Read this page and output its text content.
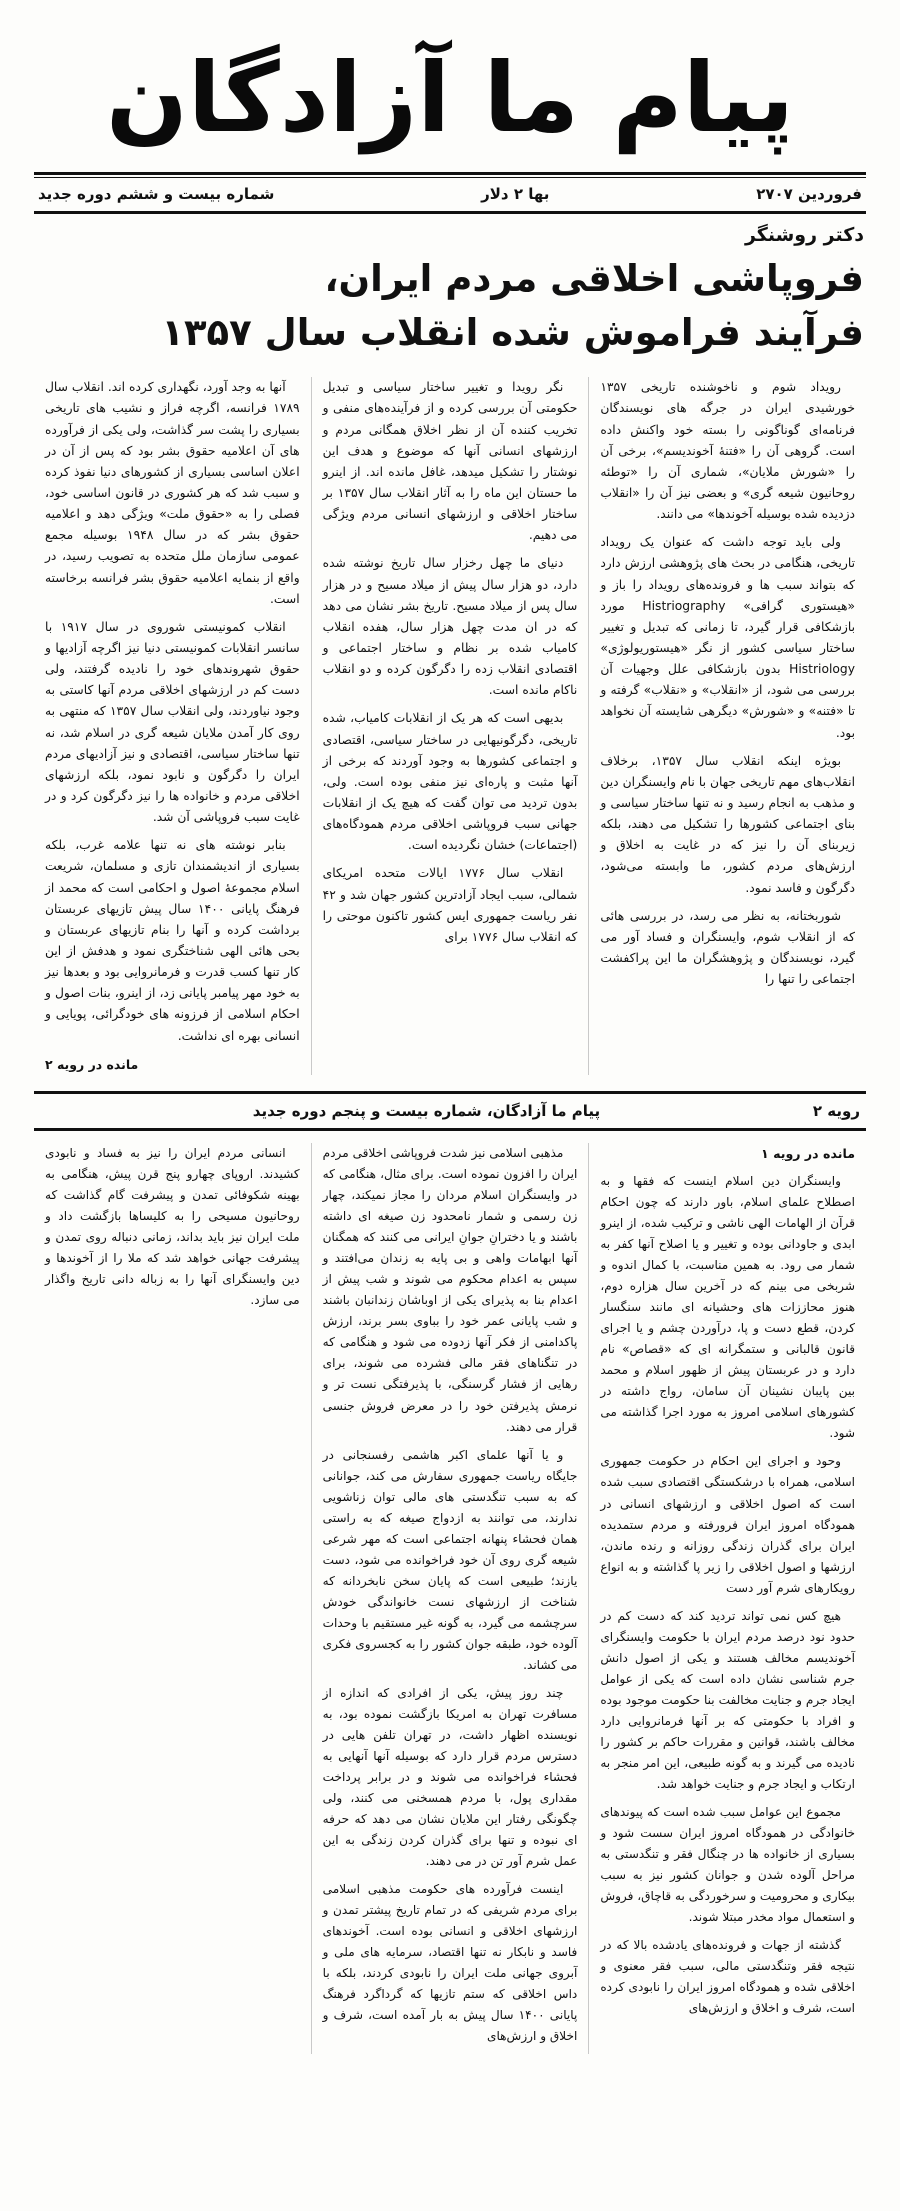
پیام ما آزادگان
فروردین ۲۷۰۷
بها ۲ دلار
شماره بیست و ششم دوره جدید
دکتر روشنگر
فروپاشی اخلاقی مردم ایران،
فرآیند فراموش شده انقلاب سال ۱۳۵۷

رویداد شوم و ناخوشنده تاریخی ۱۳۵۷ خورشیدی ایران در جرگه های نویسندگان فرنامه‌ای گوناگونی را بسته خود واکنش داده است. گروهی آن را «فتنهٔ آخوندیسم»، برخی آن را «شورش ملایان»، شماری آن را «توطئه روحانیون شیعه گری» و بعضی نیز آن را «انقلاب دزدیده شده بوسیله آخوندها» می دانند.

ولی باید توجه داشت که عنوان یک رویداد تاریخی، هنگامی در بحث های پژوهشی ارزش دارد که بتواند سبب ها و فرونده‌های رویداد را باز و «هیستوری گرافی» Histriography مورد بازشکافی قرار گیرد، تا زمانی که تبدیل و تغییر ساختار سیاسی کشور از نگر «هیستوریولوژی» Histriology بدون بازشکافی علل وجهیات آن بررسی می شود، از «انقلاب» و «نقلاب» گرفته و تا «فتنه» و «شورش» دیگرهی شایسته آن نخواهد بود.

بویژه اینکه انقلاب سال ۱۳۵۷، برخلاف انقلاب‌های مهم تاریخی جهان با نام وایسنگران دین و مذهب به انجام رسید و نه تنها ساختار سیاسی و بنای اجتماعی کشورها را تشکیل می دهند، بلکه زیربنای آن را نیز که در غایت به اخلاق و ارزش‌های مردم کشور، ما وابسته می‌شود، دگرگون و فاسد نمود.

شوربختانه، به نظر می رسد، در بررسی هائی که از انقلاب شوم، وایسنگران و فساد آور می گیرد، نویسندگان و پژوهشگران ما این پراکفشت اجتماعی را تنها را

نگر رویدا و تغییر ساختار سیاسی و تبدیل حکومتی آن بررسی کرده و از فرآینده‌های منفی و تخریب کننده آن از نظر اخلاق همگانی مردم و ارزشهای انسانی آنها که موضوع و هدف این نوشتار را تشکیل میدهد، غافل مانده اند. از اینرو ما حستان این ماه را به آثار انقلاب سال ۱۳۵۷ بر ساختار اخلاقی و ارزشهای انسانی مردم ویژگی می دهیم.

دنیای ما چهل رخزار سال تاریخ نوشته شده دارد، دو هزار سال پیش از میلاد مسیح و در هزار سال پس از میلاد مسیح. تاریخ بشر نشان می دهد که در ان مدت چهل هزار سال، هفده انقلاب کامیاب شده بر نظام و ساختار اجتماعی و اقتصادی انقلاب زده را دگرگون کرده و دو انقلاب ناکام مانده است.

بدیهی است که هر یک از انقلابات کامیاب، شده تاریخی، دگرگونیهایی در ساختار سیاسی، اقتصادی و اجتماعی کشورها به وجود آوردند که برخی از آنها مثبت و پاره‌ای نیز منفی بوده است. ولی، بدون تردید می توان گفت که هیچ یک از انقلابات جهانی سبب فروپاشی اخلاقی مردم همودگاه‌های (اجتماعات) خشان نگردیده است.

انقلاب سال ۱۷۷۶ ایالات متحده امریکای شمالی، سبب ایجاد آزادترین کشور جهان شد و ۴۲ نفر ریاست جمهوری ایس کشور تاکنون موحتی را که انقلاب سال ۱۷۷۶ برای

آنها به وجد آورد، نگهداری کرده اند. انقلاب سال ۱۷۸۹ فرانسه، اگرچه فراز و نشیب های تاریخی بسیاری را پشت سر گذاشت، ولی یکی از فرآورده های آن اعلامیه حقوق بشر بود که پس از آن در اعلان اساسی بسیاری از کشورهای دنیا نفوذ کرده و سبب شد که هر کشوری در قانون اساسی خود، فصلی را به «حقوق ملت» ویژگی دهد و اعلامیه حقوق بشر که در سال ۱۹۴۸ بوسیله مجمع عمومی سازمان ملل متحده به تصویب رسید، در واقع از بنمایه اعلامیه حقوق بشر فرانسه برخاسته است.

انقلاب کمونیستی شوروی در سال ۱۹۱۷ با سانسر انقلابات کمونیستی دنیا نیز اگرچه آزادیها و حقوق شهروندهای خود را نادیده گرفتند، ولی دست کم در ارزشهای اخلاقی مردم آنها کاستی به وجود نیاوردند، ولی انقلاب سال ۱۳۵۷ که منتهی به روی کار آمدن ملایان شیعه گری در اسلام شد، نه تنها ساختار سیاسی، اقتصادی و نیز آزادیهای مردم ایران را دگرگون و نابود نمود، بلکه ارزشهای اخلاقی مردم و خانواده ها را نیز دگرگون کرد و در غایت سبب فروپاشی آن شد.

بنابر نوشته های نه تنها علامه غرب، بلکه بسیاری از اندیشمندان تازی و مسلمان، شریعت اسلام مجموعهٔ اصول و احکامی است که محمد از فرهنگ پایانی ۱۴۰۰ سال پیش تازیهای عربستان برداشت کرده و آنها را بنام تازیهای عربستان و بحی هائی الهی شناختگری نمود و هدفش از این کار تنها کسب قدرت و فرمانروایی بود و بعدها نیز به خود مهر پیامبر پایانی زد، از اینرو، بنات اصول و احکام اسلامی از فرزونه های خودگرائی، پویایی و انسانی بهره ای نداشت.

مانده در رویه ۲
رویه ۲
پیام ما آزادگان، شماره بیست و پنجم دوره جدید
مانده در رویه ۱

وایسنگران دین اسلام اینست که فقها و به اصطلاح علمای اسلام، باور دارند که چون احکام قرآن از الهامات الهی ناشی و ترکیب شده، از اینرو ابدی و جاودانی بوده و تغییر و یا اصلاح آنها کفر به شمار می رود. به همین مناسبت، با کمال اندوه و شربخی می بینم که در آخرین سال هزاره دوم، هنوز محاززات های وحشیانه ای مانند سنگسار کردن، قطع دست و پا، درآوردن چشم و یا اجرای قانون قالبانی و ستمگرانه ای که «قصاص» نام دارد و در عربستان پیش از ظهور اسلام و محمد بین پایبان نشینان آن سامان، رواج داشته در کشورهای اسلامی امروز به مورد اجرا گذاشته می شود.

وحود و اجرای این احکام در حکومت جمهوری اسلامی، همراه با درشکستگی اقتصادی سبب شده است که اصول اخلاقی و ارزشهای انسانی در همودگاه امروز ایران فرورفته و مردم ستمدیده ایران برای گذران زندگی روزانه و رنده ماندن، ارزشها و اصول اخلاقی را زیر پا گذاشته و به انواع رویکارهای شرم آور دست

هیچ کس نمی تواند تردید کند که دست کم در حدود نود درصد مردم ایران با حکومت وایسنگرای آخوندیسم مخالف هستند و یکی از اصول دانش جرم شناسی نشان داده است که یکی از عوامل ایجاد جرم و جنایت مخالفت بنا حکومت موجود بوده و افراد با حکومتی که بر آنها فرمانروایی دارد مخالف باشند، قوانین و مقررات حاکم بر کشور را نادیده می گیرند و به گونه طبیعی، این امر منجر به ارتکاب و ایجاد جرم و جنایت خواهد شد.

مجموع این عوامل سبب شده است که پیوندهای خانوادگی در همودگاه امروز ایران سست شود و بسیاری از خانواده ها در چنگال فقر و تنگدستی به مراحل آلوده شدن و جوانان کشور نیز به سبب بیکاری و محرومیت و سرخوردگی به قاچاق، فروش و استعمال مواد مخدر مبتلا شوند.

گذشته از جهات و فرونده‌های یادشده بالا که در نتیجه فقر وتنگدستی مالی، سبب فقر معنوی و اخلاقی شده و همودگاه امروز ایران را نابودی کرده است، شرف و اخلاق و ارزش‌های

مذهبی اسلامی نیز شدت فروپاشی اخلاقی مردم ایران را افزون نموده است. برای مثال، هنگامی که در وایسنگران اسلام مردان را مجاز نمیکند، چهار زن رسمی و شمار نامحدود زن صیغه ای داشته باشند و یا دخترانِ جوانِ ایرانی می کنند که همگنان آنها ابهامات واهی و بی پایه به زندان می‌افتند و سپس به اعدام محکوم می شوند و شب پیش از اعدام بنا به پذیرای یکی از اوباشان زندانبان باشند و شب پایانی عمر خود را بباوی بسر برند، ارزش پاکدامنی از فکر آنها زدوده می شود و هنگامی که در تنگناهای فقر مالی فشرده می شوند، برای رهایی از فشار گرسنگی، با پذیرفتگی نست تر و نرمش پذیرفتن خود را در معرض فروش جنسی قرار می دهند.

و یا آنها علمای اکبر هاشمی رفسنجانی در جایگاه ریاست جمهوری سفارش می کند، جوانانی که به سبب تنگدستی های مالی توان زناشویی ندارند، می توانند به ازدواج صیغه که به راستی همان فحشاء پنهانه اجتماعی است که مهر شرعی شیعه گری روی آن خود فراخوانده می شود، دست یازند؛ طبیعی است که پایان سخن نابخردانه که شناخت از ارزشهای نست خانواندگی خودش سرچشمه می گیرد، به گونه غیر مستقیم با وحدات آلوده خود، طبقه جوان کشور را به کجسروی فکری می کشاند.

چند روز پیش، یکی از افرادی که اندازه از مسافرت تهران به امریکا بازگشت نموده بود، به نویسنده اظهار داشت، در تهران تلفن هایی در دسترس مردم قرار دارد که بوسیله آنها آنهایی به فحشاء فراخوانده می شوند و در برابر پرداخت مقداری پول، با مردم همسخنی می کنند، ولی چگونگی رفتار این ملایان نشان می دهد که حرفه ای نبوده و تنها برای گذران کردن زندگی به این عمل شرم آور تن در می دهند.

اینست فرآورده های حکومت مذهبی اسلامی برای مردم شریفی که در تمام تاریخ پیشتر تمدن و ارزشهای اخلاقی و انسانی بوده است. آخوندهای فاسد و نابکار نه تنها اقتصاد، سرمایه های ملی و آبروی جهانی ملت ایران را نابودی کردند، بلکه با داس اخلاقی که ستم تازیها که گرداگرد فرهنگ پایانی ۱۴۰۰ سال پیش به بار آمده است، شرف و اخلاق و ارزش‌های

انسانی مردم ایران را نیز به فساد و نابودی کشیدند. اروپای چهارو پنج قرن پیش، هنگامی به بهینه شکوفائی تمدن و پیشرفت گام گذاشت که روحانیون مسیحی را به کلیساها بازگشت داد و ملت ایران نیز باید بداند، زمانی دنباله روی تمدن و پیشرفت جهانی خواهد شد که ملا را از آخوندها و دین وایسنگرای آنها را به زباله دانی تاریخ واگذار می سازد.
